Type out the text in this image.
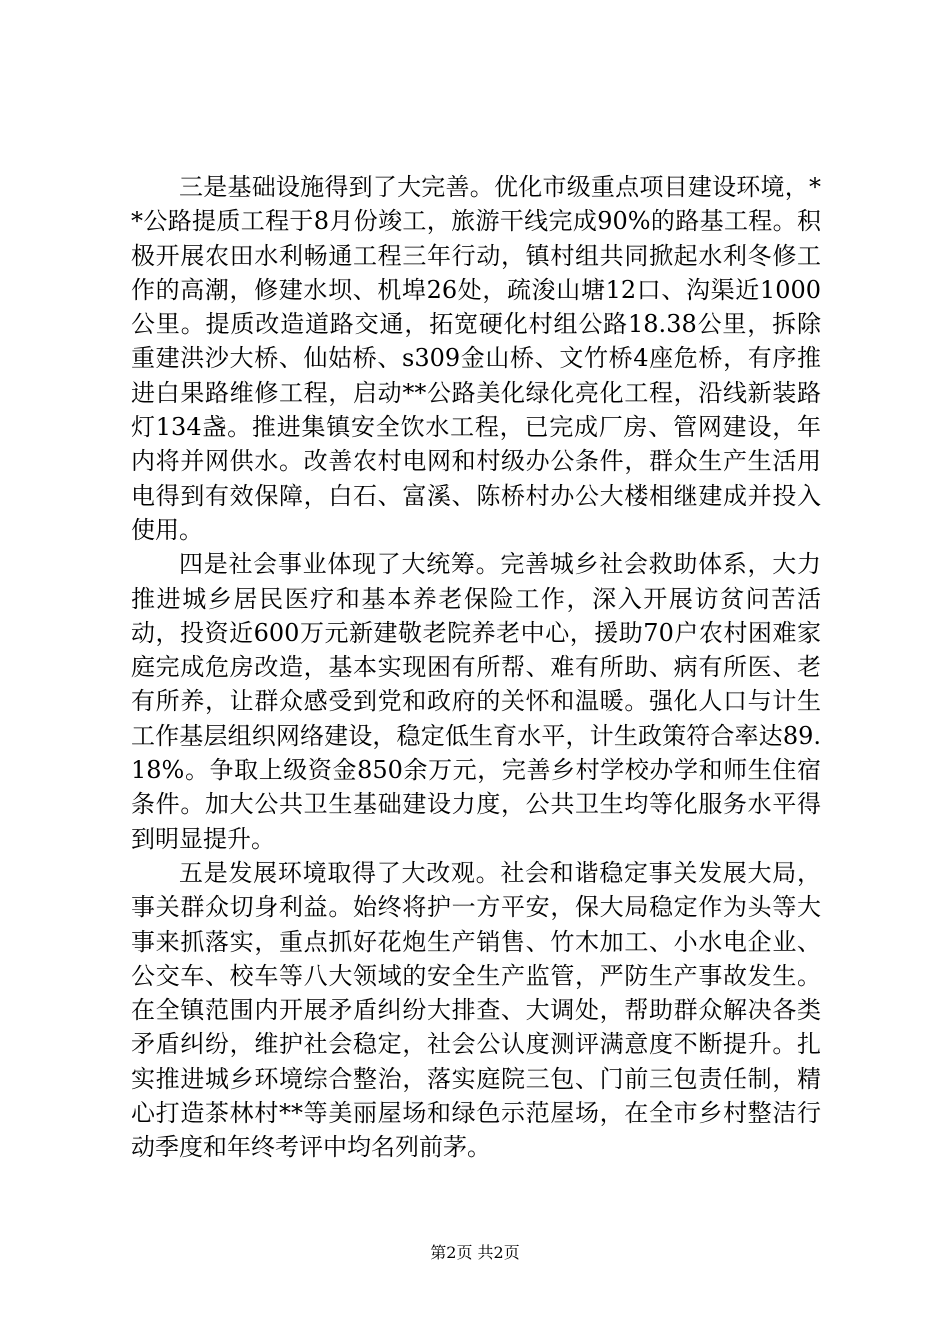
三是基础设施得到了大完善。优化市级重点项目建设环境，**公路提质工程于8月份竣工，旅游干线完成90%的路基工程。积极开展农田水利畅通工程三年行动，镇村组共同掀起水利冬修工作的高潮，修建水坝、机埠26处，疏浚山塘12口、沟渠近1000公里。提质改造道路交通，拓宽硬化村组公路18.38公里，拆除重建洪沙大桥、仙姑桥、s309金山桥、文竹桥4座危桥，有序推进白果路维修工程，启动**公路美化绿化亮化工程，沿线新装路灯134盏。推进集镇安全饮水工程，已完成厂房、管网建设，年内将并网供水。改善农村电网和村级办公条件，群众生产生活用电得到有效保障，白石、富溪、陈桥村办公大楼相继建成并投入使用。

四是社会事业体现了大统筹。完善城乡社会救助体系，大力推进城乡居民医疗和基本养老保险工作，深入开展访贫问苦活动，投资近600万元新建敬老院养老中心，援助70户农村困难家庭完成危房改造，基本实现困有所帮、难有所助、病有所医、老有所养，让群众感受到党和政府的关怀和温暖。强化人口与计生工作基层组织网络建设，稳定低生育水平，计生政策符合率达89.18%。争取上级资金850余万元，完善乡村学校办学和师生住宿条件。加大公共卫生基础建设力度，公共卫生均等化服务水平得到明显提升。

五是发展环境取得了大改观。社会和谐稳定事关发展大局，事关群众切身利益。始终将护一方平安，保大局稳定作为头等大事来抓落实，重点抓好花炮生产销售、竹木加工、小水电企业、公交车、校车等八大领域的安全生产监管，严防生产事故发生。在全镇范围内开展矛盾纠纷大排查、大调处，帮助群众解决各类矛盾纠纷，维护社会稳定，社会公认度测评满意度不断提升。扎实推进城乡环境综合整治，落实庭院三包、门前三包责任制，精心打造茶林村**等美丽屋场和绿色示范屋场，在全市乡村整洁行动季度和年终考评中均名列前茅。

第2页 共2页
